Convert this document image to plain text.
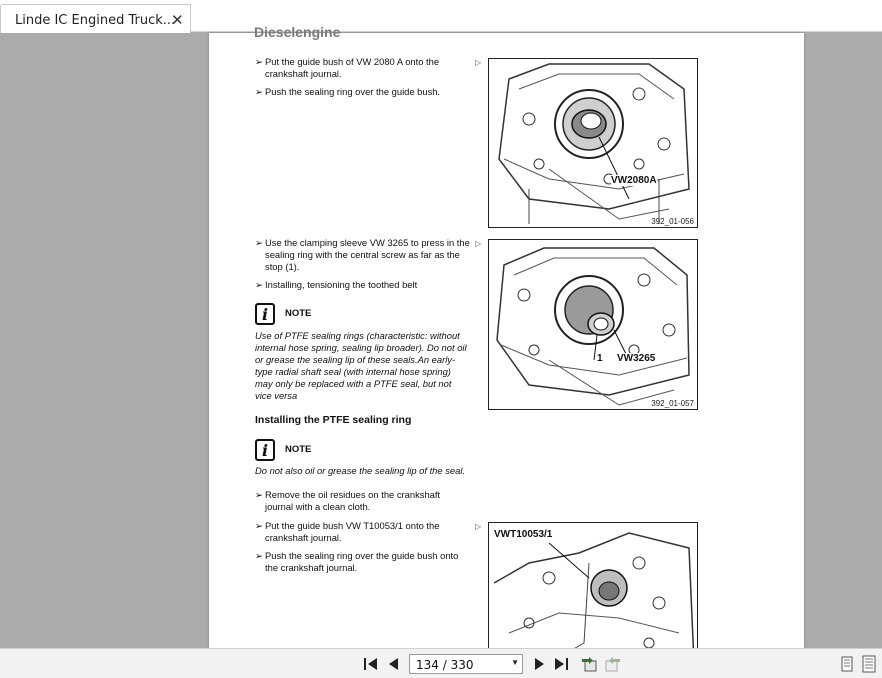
Linde IC Engined Truck...
✕
Dieselengine
➢ Put the guide bush of VW 2080 A onto the crankshaft journal.
➢ Push the sealing ring over the guide bush.
▷
VW2080A
392_01-056
➢ Use the clamping sleeve VW 3265 to press in the sealing ring with the central screw as far as the stop (1).
➢ Installing, tensioning the toothed belt
▷
1 VW3265
392_01-057
i NOTE
Use of PTFE sealing rings (characteristic: without internal hose spring, sealing lip broader). Do not oil or grease the sealing lip of these seals.An early-type radial shaft seal (with internal hose spring) may only be replaced with a PTFE seal, but not vice versa
Installing the PTFE sealing ring
i NOTE
Do not also oil or grease the sealing lip of the seal.
➢ Remove the oil residues on the crankshaft journal with a clean cloth.
➢ Put the guide bush VW T10053/1 onto the crankshaft journal.
➢ Push the sealing ring over the guide bush onto the crankshaft journal.
▷
VWT10053/1
134 / 330	▼
